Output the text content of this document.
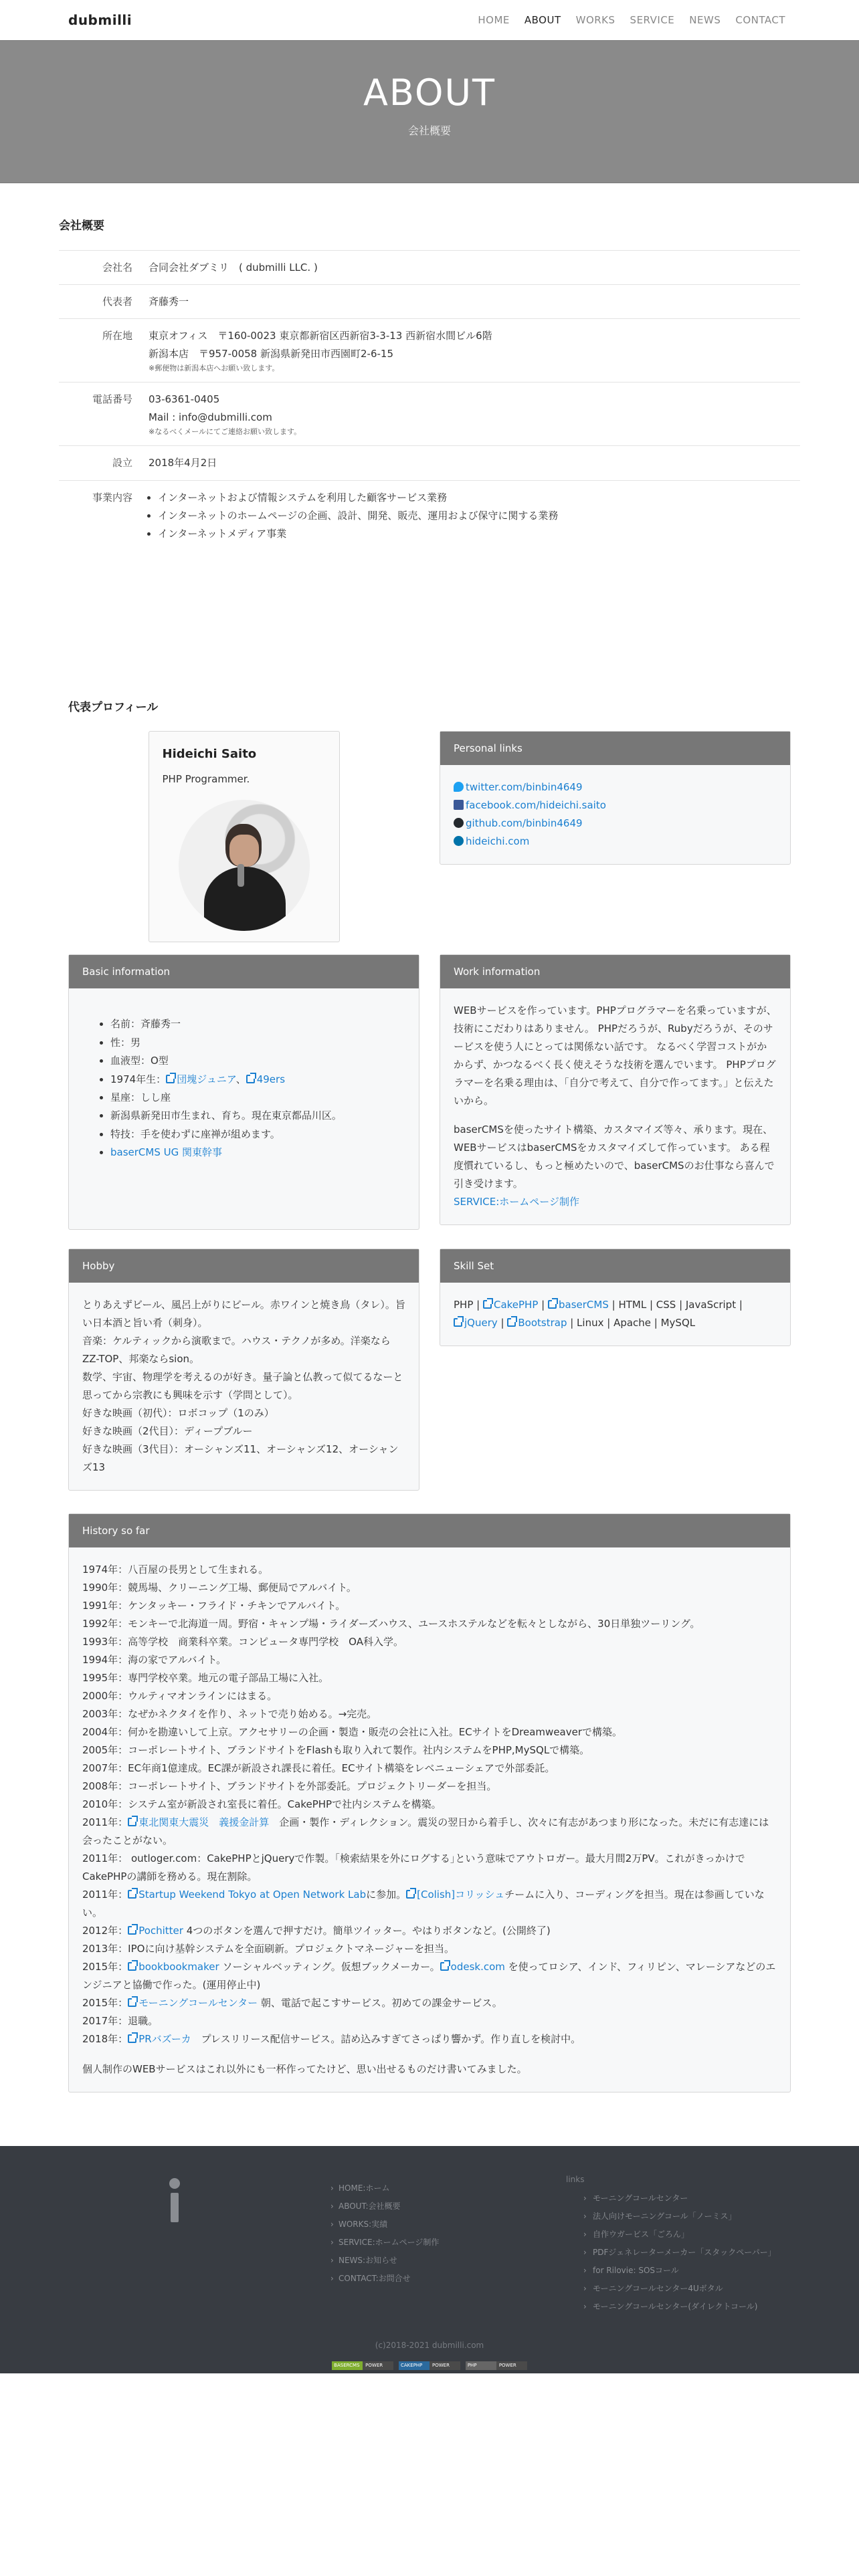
dubmilli	HOME ABOUT WORKS SERVICE NEWS CONTACT
ABOUT

会社概要

会社概要
会社名 合同会社ダブミリ　( dubmilli LLC. )
代表者 斉藤秀一
所在地 東京オフィス　〒160-0023 東京都新宿区西新宿3-3-13 西新宿水間ビル6階
新潟本店　〒957-0058 新潟県新発田市西園町2-6-15
※郵便物は新潟本店へお願い致します。
電話番号 03-6361-0405
Mail : info@dubmilli.com
※なるべくメールにてご連絡お願い致します。
設立 2018年4月2日
事業内容
•	インターネットおよび情報システムを利用した顧客サービス業務
• インターネットのホームページの企画、設計、開発、販売、運用および保守に関する業務
• インターネットメディア事業
代表プロフィール
Hideichi Saito
PHP Programmer.
Personal links
twitter.com/binbin4649
facebook.com/hideichi.saito
github.com/binbin4649
hideichi.com
Basic information
• 名前：斉藤秀一
• 性：男
• 血液型：O型
• 1974年生： 団塊ジュニア、 49ers
• 星座：しし座
• 新潟県新発田市生まれ、育ち。現在東京都品川区。
• 特技：手を使わずに座禅が組めます。
• baserCMS UG 関東幹事
Work information

WEBサービスを作っています。PHPプログラマーを名乗っていますが、技術にこだわりはありません。 PHPだろうが、Rubyだろうが、そのサービスを使う人にとっては関係ない話です。 なるべく学習コストがかからず、かつなるべく長く使えそうな技術を選んでいます。 PHPプログラマーを名乗る理由は、｢自分で考えて、自分で作ってます。」と伝えたいから。

baserCMSを使ったサイト構築、カスタマイズ等々、承ります。現在、WEBサービスはbaserCMSをカスタマイズして作っています。 ある程度慣れているし、もっと極めたいので、baserCMSのお仕事なら喜んで引き受けます。

SERVICE:ホームページ制作
Hobby
とりあえずビール、風呂上がりにビール。赤ワインと焼き鳥（タレ）。旨い日本酒と旨い肴（刺身）。
音楽：ケルティックから演歌まで。ハウス・テクノが多め。洋楽ならZZ-TOP、邦楽ならsion。
数学、宇宙、物理学を考えるのが好き。量子論と仏教って似てるなーと思ってから宗教にも興味を示す（学問として）。
好きな映画（初代）：ロボコップ（1のみ）
好きな映画（2代目）：ディープブルー
好きな映画（3代目）：オーシャンズ11、オーシャンズ12、オーシャンズ13
Skill Set
PHP | CakePHP | baserCMS | HTML | CSS | JavaScript |
jQuery | Bootstrap | Linux | Apache | MySQL
History so far

1974年：八百屋の長男として生まれる。

1990年：競馬場、クリーニング工場、郵便局でアルバイト。

1991年：ケンタッキー・フライド・チキンでアルバイト。

1992年：モンキーで北海道一周。野宿・キャンプ場・ライダーズハウス、ユースホステルなどを転々としながら、30日単独ツーリング。

1993年：高等学校　商業科卒業。コンピュータ専門学校　OA科入学。

1994年：海の家でアルバイト。

1995年：専門学校卒業。地元の電子部品工場に入社。

2000年：ウルティマオンラインにはまる。

2003年：なぜかネクタイを作り、ネットで売り始める。→完売。

2004年：何かを勘違いして上京。アクセサリーの企画・製造・販売の会社に入社。ECサイトをDreamweaverで構築。

2005年：コーポレートサイト、ブランドサイトをFlashも取り入れて製作。社内システムをPHP,MySQLで構築。

2007年：EC年商1億達成。EC課が新設され課長に着任。ECサイト構築をレベニューシェアで外部委託。

2008年：コーポレートサイト、ブランドサイトを外部委託。プロジェクトリーダーを担当。

2010年：システム室が新設され室長に着任。CakePHPで社内システムを構築。

2011年： 東北関東大震災　義援金計算　企画・製作・ディレクション。震災の翌日から着手し、次々に有志があつまり形になった。未だに有志達には会ったことがない。

2011年： outloger.com：CakePHPとjQueryで作製。｢検索結果を外にログする｣という意味でアウトロガー。最大月間2万PV。これがきっかけでCakePHPの講師を務める。現在割除。

2011年： Startup Weekend Tokyo at Open Network Labに参加。 [Colish]コリッシュチームに入り、コーディングを担当。現在は参画していない。

2012年： Pochitter 4つのボタンを選んで押すだけ。簡単ツイッター。やはりボタンなど。(公開終了)

2013年：IPOに向け基幹システムを全面刷新。プロジェクトマネージャーを担当。

2015年： bookbookmaker ソーシャルベッティング。仮想ブックメーカー。 odesk.com を使ってロシア、インド、フィリピン、マレーシアなどのエンジニアと協働で作った。(運用停止中)

2015年： モーニングコールセンター 朝、電話で起こすサービス。初めての課金サービス。

2017年：退職。

2018年： PRバズーカ　プレスリリース配信サービス。詰め込みすぎてさっぱり響かず。作り直しを検討中。

個人制作のWEBサービスはこれ以外にも一杯作ってたけど、思い出せるものだけ書いてみました。

› HOME:ホーム
› ABOUT:会社概要
› WORKS:実績
› SERVICE:ホームページ制作
› NEWS:お知らせ
› CONTACT:お問合せ
links
› モーニングコールセンター
› 法人向けモーニングコール「ノーミス」
› 自作ウガービス「ごろん」
› PDFジェネレーターメーカー「スタックペーパー」
› for Rilovie: SOSコール
› モーニングコールセンター4Uボタル
› モーニングコールセンター(ダイレクトコール)
(c)2018-2021 dubmilli.com
BASERCMS POWER	CAKEPHP POWER	PHP	POWER
